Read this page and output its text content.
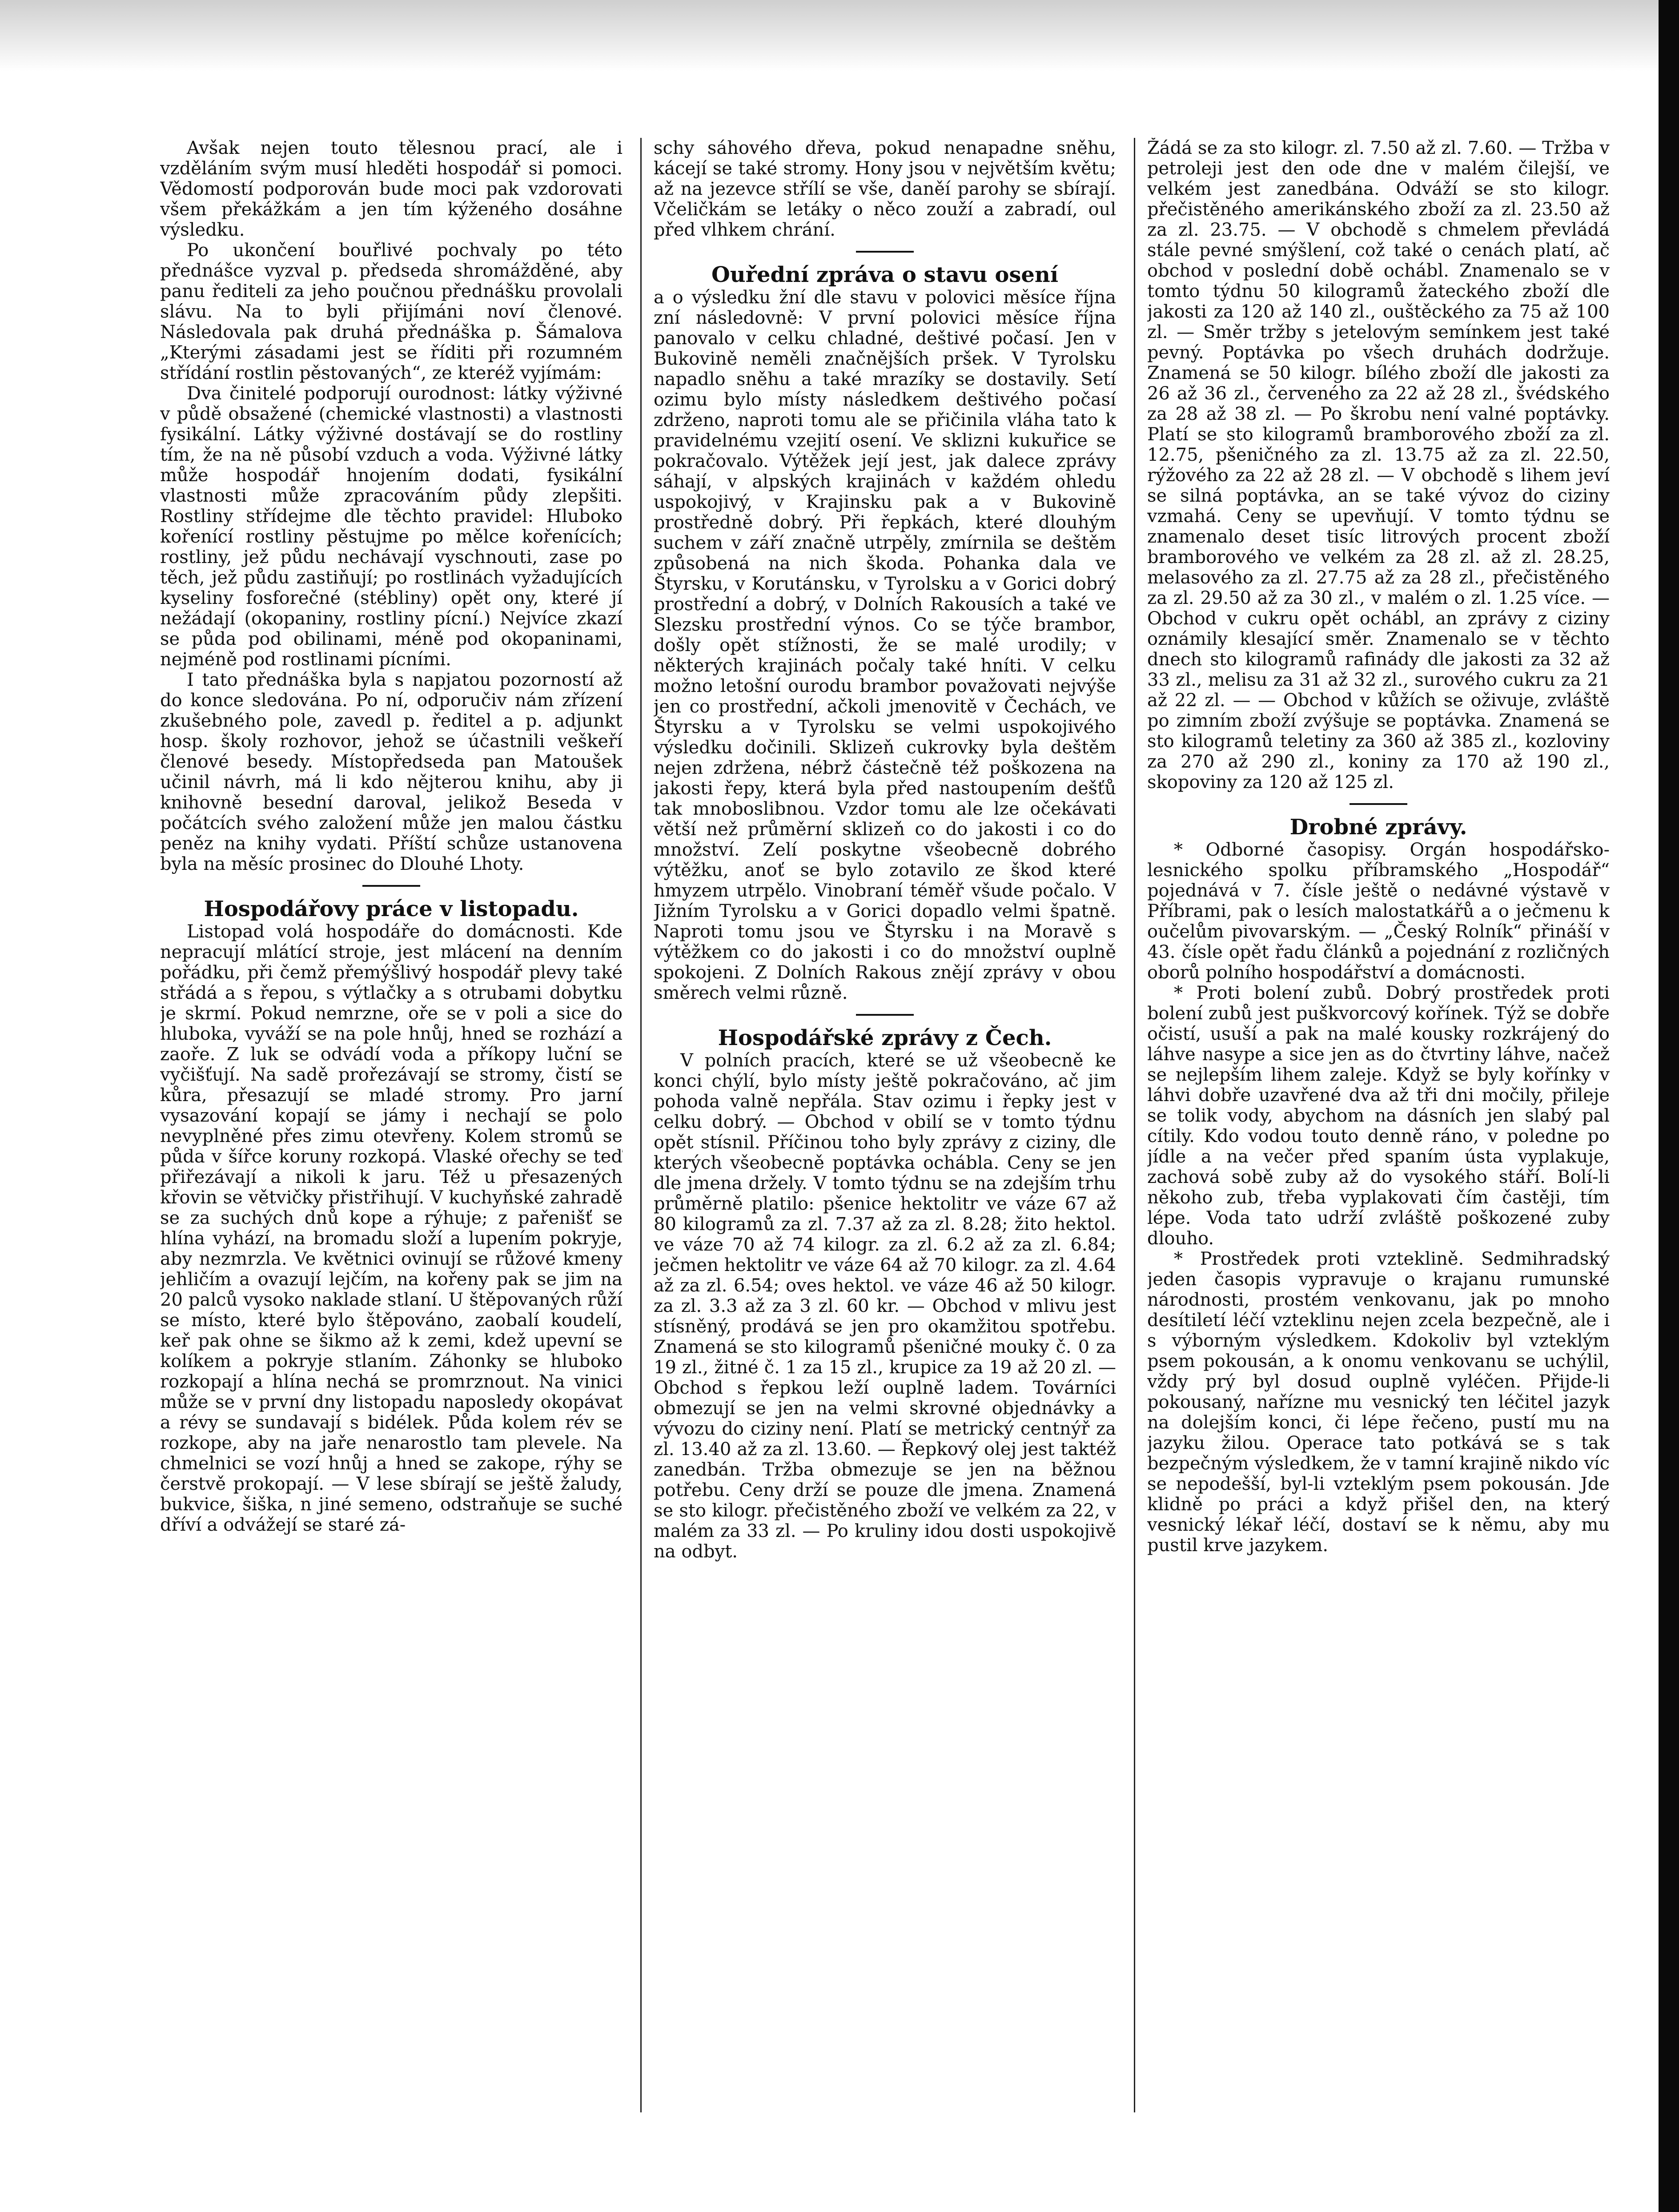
Avšak nejen touto tělesnou prací, ale i vzděláním svým musí hleděti hospodář si pomoci. Vědomostí podporován bude moci pak vzdorovati všem překážkám a jen tím kýženého dosáhne výsledku.

Po ukončení bouřlivé pochvaly po této přednášce vyzval p. předseda shromážděné, aby panu řediteli za jeho poučnou přednášku provolali slávu. Na to byli přijímáni noví členové. Následovala pak druhá přednáška p. Šámalova „Kterými zásadami jest se říditi při rozumném střídání rostlin pěstovaných“, ze kteréž vyjímám:

Dva činitelé podporují ourodnost: látky výživné v půdě obsažené (chemické vlastnosti) a vlastnosti fysikální. Látky výživné dostávají se do rostliny tím, že na ně působí vzduch a voda. Výživné látky může hospodář hnojením dodati, fysikální vlastnosti může zpracováním půdy zlepšiti. Rostliny střídejme dle těchto pravidel: Hluboko kořenící rostliny pěstujme po mělce kořenících; rostliny, jež půdu nechávají vyschnouti, zase po těch, jež půdu zastiňují; po rostlinách vyžadujících kyseliny fosforečné (stébliny) opět ony, které jí nežádají (okopaniny, rostliny pícní.) Nejvíce zkazí se půda pod obilinami, méně pod okopaninami, nejméně pod rostlinami pícními.

I tato přednáška byla s napjatou pozorností až do konce sledována. Po ní, odporučiv nám zřízení zkušebného pole, zavedl p. ředitel a p. adjunkt hosp. školy rozhovor, jehož se účastnili veškeří členové besedy. Místopředseda pan Matoušek učinil návrh, má li kdo nějterou knihu, aby ji knihovně besední daroval, jelikož Beseda v počátcích svého založení může jen malou částku peněz na knihy vydati. Příští schůze ustanovena byla na měsíc prosinec do Dlouhé Lhoty.

Hospodářovy práce v listopadu.

Listopad volá hospodáře do domácnosti. Kde nepracují mlátící stroje, jest mlácení na denním pořádku, při čemž přemýšlivý hospodář plevy také střádá a s řepou, s výtlačky a s otrubami dobytku je skrmí. Pokud nemrzne, oře se v poli a sice do hluboka, vyváží se na pole hnůj, hned se rozhází a zaoře. Z luk se odvádí voda a příkopy luční se vyčišťují. Na sadě prořezávají se stromy, čistí se kůra, přesazují se mladé stromy. Pro jarní vysazování kopají se jámy i nechají se polo nevyplněné přes zimu otevřeny. Kolem stromů se půda v šířce koruny rozkopá. Vlaské ořechy se teď přiřezávají a nikoli k jaru. Též u přesazených křovin se větvičky přistřihují. V kuchyňské zahradě se za suchých dnů kope a rýhuje; z pařenišť se hlína vyhází, na bromadu složí a lupením pokryje, aby nezmrzla. Ve květnici ovinují se růžové kmeny jehličím a ovazují lejčím, na kořeny pak se jim na 20 palců vysoko naklade stlaní. U štěpovaných růží se místo, které bylo štěpováno, zaobalí koudelí, keř pak ohne se šikmo až k zemi, kdež upevní se kolíkem a pokryje stlaním. Záhonky se hluboko rozkopají a hlína nechá se promrznout. Na vinici může se v první dny listopadu naposledy okopávat a révy se sundavají s bidélek. Půda kolem rév se rozkope, aby na jaře nenarostlo tam plevele. Na chmelnici se vozí hnůj a hned se zakope, rýhy se čerstvě prokopají. — V lese sbírají se ještě žaludy, bukvice, šiška, n jiné semeno, odstraňuje se suché dříví a odvážejí se staré zá-

schy sáhového dřeva, pokud nenapadne sněhu, kácejí se také stromy. Hony jsou v největším květu; až na jezevce střílí se vše, daněí parohy se sbírají. Včeličkám se letáky o něco zouží a zabradí, oul před vlhkem chrání.

Ouřední zpráva o stavu osení

a o výsledku žní dle stavu v polovici měsíce října zní následovně: V první polovici měsíce října panovalo v celku chladné, deštivé počasí. Jen v Bukovině neměli značnějších pršek. V Tyrolsku napadlo sněhu a také mrazíky se dostavily. Setí ozimu bylo místy následkem deštivého počasí zdrženo, naproti tomu ale se přičinila vláha tato k pravidelnému vzejití osení. Ve sklizni kukuřice se pokračovalo. Výtěžek její jest, jak dalece zprávy sáhají, v alpských krajinách v každém ohledu uspokojivý, v Krajinsku pak a v Bukovině prostředně dobrý. Při řepkách, které dlouhým suchem v září značně utrpěly, zmírnila se deštěm způsobená na nich škoda. Pohanka dala ve Štyrsku, v Korutánsku, v Tyrolsku a v Gorici dobrý prostřední a dobrý, v Dolních Rakousích a také ve Slezsku prostřední výnos. Co se týče brambor, došly opět stížnosti, že se malé urodily; v některých krajinách počaly také hníti. V celku možno letošní ourodu brambor považovati nejvýše jen co prostřední, ačkoli jmenovitě v Čechách, ve Štyrsku a v Tyrolsku se velmi uspokojivého výsledku dočinili. Sklizeň cukrovky byla deštěm nejen zdržena, nébrž částečně též poškozena na jakosti řepy, která byla před nastoupením dešťů tak mnoboslibnou. Vzdor tomu ale lze očekávati větší než průměrní sklizeň co do jakosti i co do množství. Zelí poskytne všeobecně dobrého výtěžku, anoť se bylo zotavilo ze škod které hmyzem utrpělo. Vinobraní téměř všude počalo. V Jižním Tyrolsku a v Gorici dopadlo velmi špatně. Naproti tomu jsou ve Štyrsku i na Moravě s výtěžkem co do jakosti i co do množství ouplně spokojeni. Z Dolních Rakous znějí zprávy v obou směrech velmi různě.

Hospodářské zprávy z Čech.

V polních pracích, které se už všeobecně ke konci chýlí, bylo místy ještě pokračováno, ač jim pohoda valně nepřála. Stav ozimu i řepky jest v celku dobrý. — Obchod v obilí se v tomto týdnu opět stísnil. Příčinou toho byly zprávy z ciziny, dle kterých všeobecně poptávka ochábla. Ceny se jen dle jmena držely. V tomto týdnu se na zdejším trhu průměrně platilo: pšenice hektolitr ve váze 67 až 80 kilogramů za zl. 7.37 až za zl. 8.28; žito hektol. ve váze 70 až 74 kilogr. za zl. 6.2 až za zl. 6.84; ječmen hektolitr ve váze 64 až 70 kilogr. za zl. 4.64 až za zl. 6.54; oves hektol. ve váze 46 až 50 kilogr. za zl. 3.3 až za 3 zl. 60 kr. — Obchod v mlivu jest stísněný, prodává se jen pro okamžitou spotřebu. Znamená se sto kilogramů pšeničné mouky č. 0 za 19 zl., žitné č. 1 za 15 zl., krupice za 19 až 20 zl. — Obchod s řepkou leží ouplně ladem. Továrníci obmezují se jen na velmi skrovné objednávky a vývozu do ciziny není. Platí se metrický centnýř za zl. 13.40 až za zl. 13.60. — Řepkový olej jest taktéž zanedbán. Tržba obmezuje se jen na běžnou potřebu. Ceny drží se pouze dle jmena. Znamená se sto kilogr. přečistěného zboží ve velkém za 22, v malém za 33 zl. — Po kruliny idou dosti uspokojivě na odbyt.

Žádá se za sto kilogr. zl. 7.50 až zl. 7.60. — Tržba v petroleji jest den ode dne v malém čilejší, ve velkém jest zanedbána. Odváží se sto kilogr. přečistěného amerikánského zboží za zl. 23.50 až za zl. 23.75. — V obchodě s chmelem převládá stále pevné smýšlení, což také o cenách platí, ač obchod v poslední době ochábl. Znamenalo se v tomto týdnu 50 kilogramů žateckého zboží dle jakosti za 120 až 140 zl., ouštěckého za 75 až 100 zl. — Směr tržby s jetelovým semínkem jest také pevný. Poptávka po všech druhách dodržuje. Znamená se 50 kilogr. bílého zboží dle jakosti za 26 až 36 zl., červeného za 22 až 28 zl., švédského za 28 až 38 zl. — Po škrobu není valné poptávky. Platí se sto kilogramů bramborového zboží za zl. 12.75, pšeničného za zl. 13.75 až za zl. 22.50, rýžového za 22 až 28 zl. — V obchodě s lihem jeví se silná poptávka, an se také vývoz do ciziny vzmahá. Ceny se upevňují. V tomto týdnu se znamenalo deset tisíc litrových procent zboží bramborového ve velkém za 28 zl. až zl. 28.25, melasového za zl. 27.75 až za 28 zl., přečistěného za zl. 29.50 až za 30 zl., v malém o zl. 1.25 více. — Obchod v cukru opět ochábl, an zprávy z ciziny oznámily klesající směr. Znamenalo se v těchto dnech sto kilogramů rafinády dle jakosti za 32 až 33 zl., melisu za 31 až 32 zl., surového cukru za 21 až 22 zl. — — Obchod v kůžích se oživuje, zvláště po zimním zboží zvýšuje se poptávka. Znamená se sto kilogramů teletiny za 360 až 385 zl., kozloviny za 270 až 290 zl., koniny za 170 až 190 zl., skopoviny za 120 až 125 zl.

Drobné zprávy.

* Odborné časopisy. Orgán hospodářsko-lesnického spolku příbramského „Hospodář“ pojednává v 7. čísle ještě o nedávné výstavě v Příbrami, pak o lesích malostatkářů a o ječmenu k oučelům pivovarským. — „Český Rolník“ přináší v 43. čísle opět řadu článků a pojednání z rozličných oborů polního hospodářství a domácnosti.

* Proti bolení zubů. Dobrý prostředek proti bolení zubů jest puškvorcový kořínek. Týž se dobře očistí, usuší a pak na malé kousky rozkrájený do láhve nasype a sice jen as do čtvrtiny láhve, načež se nejlepším lihem zaleje. Když se byly kořínky v láhvi dobře uzavřené dva až tři dni močily, přileje se tolik vody, abychom na dásních jen slabý pal cítily. Kdo vodou touto denně ráno, v poledne po jídle a na večer před spaním ústa vyplakuje, zachová sobě zuby až do vysokého stáří. Bolí-li někoho zub, třeba vyplakovati čím častěji, tím lépe. Voda tato udrží zvláště poškozené zuby dlouho.

* Prostředek proti vzteklině. Sedmihradský jeden časopis vypravuje o krajanu rumunské národnosti, prostém venkovanu, jak po mnoho desítiletí léčí vzteklinu nejen zcela bezpečně, ale i s výborným výsledkem. Kdokoliv byl vzteklým psem pokousán, a k onomu venkovanu se uchýlil, vždy prý byl dosud ouplně vyléčen. Přijde-li pokousaný, nařízne mu vesnický ten léčitel jazyk na dolejším konci, či lépe řečeno, pustí mu na jazyku žilou. Operace tato potkává se s tak bezpečným výsledkem, že v tamní krajině nikdo víc se nepodešší, byl-li vzteklým psem pokousán. Jde klidně po práci a když přišel den, na který vesnický lékař léčí, dostaví se k němu, aby mu pustil krve jazykem.
